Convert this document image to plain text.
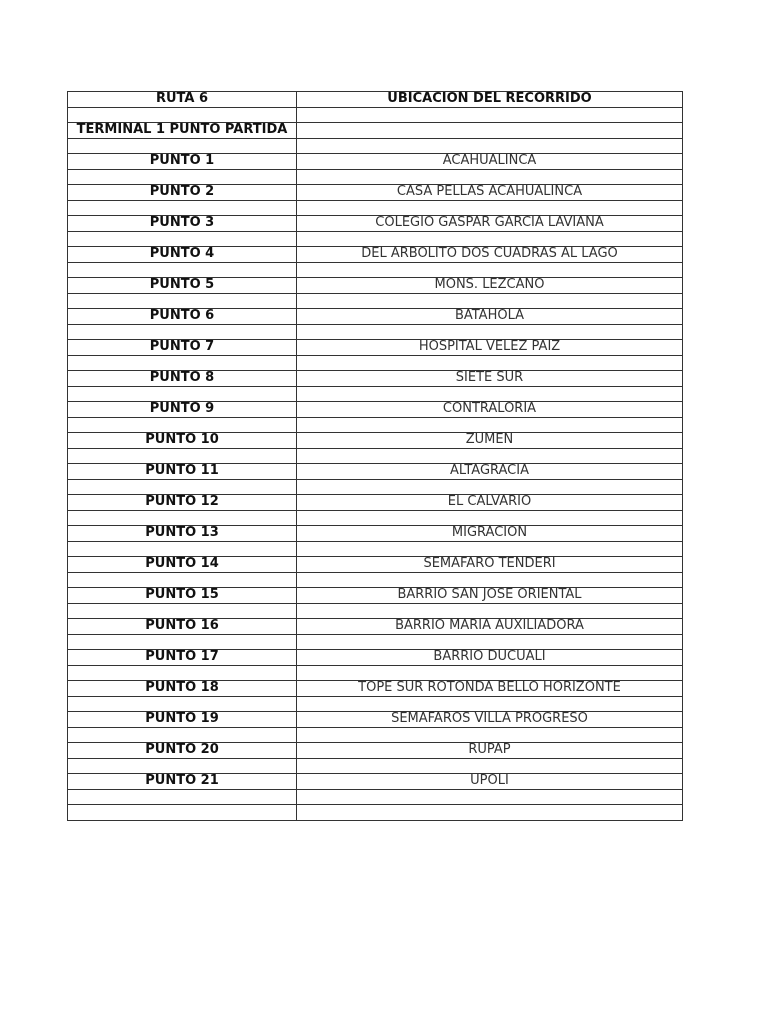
RUTA 6	UBICACION DEL RECORRIDO

TERMINAL 1 PUNTO PARTIDA	

PUNTO 1	ACAHUALINCA

PUNTO 2	CASA PELLAS ACAHUALINCA

PUNTO 3	COLEGIO GASPAR GARCIA LAVIANA

PUNTO 4	DEL ARBOLITO DOS CUADRAS AL LAGO

PUNTO 5	MONS. LEZCANO

PUNTO 6	BATAHOLA

PUNTO 7	HOSPITAL VELEZ PAIZ

PUNTO 8	SIETE SUR

PUNTO 9	CONTRALORIA

PUNTO 10	ZUMEN

PUNTO 11	ALTAGRACIA

PUNTO 12	EL CALVARIO

PUNTO 13	MIGRACION

PUNTO 14	SEMAFARO TENDERI

PUNTO 15	BARRIO SAN JOSE ORIENTAL

PUNTO 16	BARRIO MARIA AUXILIADORA

PUNTO 17	BARRIO DUCUALI

PUNTO 18	TOPE SUR ROTONDA BELLO HORIZONTE

PUNTO 19	SEMAFAROS VILLA PROGRESO

PUNTO 20	RUPAP

PUNTO 21	UPOLI
